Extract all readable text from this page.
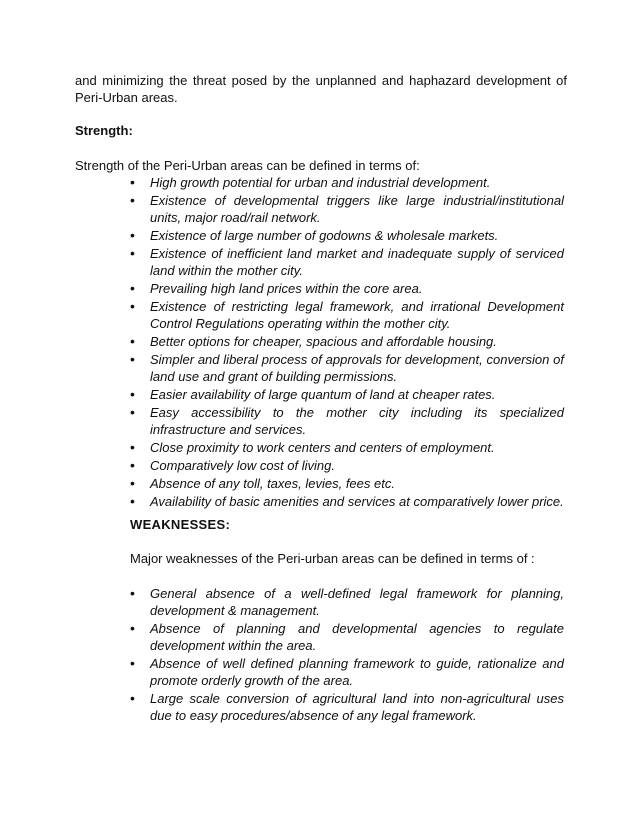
and minimizing the threat posed by the unplanned and haphazard development of Peri-Urban areas.

Strength:

Strength of the Peri-Urban areas can be defined in terms of:

• High growth potential for urban and industrial development.
• Existence of developmental triggers like large industrial/institutional units, major road/rail network.
• Existence of large number of godowns & wholesale markets.
• Existence of inefficient land market and inadequate supply of serviced land within the mother city.
• Prevailing high land prices within the core area.
• Existence of restricting legal framework, and irrational Development Control Regulations operating within the mother city.
• Better options for cheaper, spacious and affordable housing.
• Simpler and liberal process of approvals for development, conversion of land use and grant of building permissions.
• Easier availability of large quantum of land at cheaper rates.
• Easy accessibility to the mother city including its specialized infrastructure and services.
• Close proximity to work centers and centers of employment.
• Comparatively low cost of living.
• Absence of any toll, taxes, levies, fees etc.
• Availability of basic amenities and services at comparatively lower price.
WEAKNESSES:

Major weaknesses of the Peri-urban areas can be defined in terms of :

• General absence of a well-defined legal framework for planning, development & management.
• Absence of planning and developmental agencies to regulate development within the area.
• Absence of well defined planning framework to guide, rationalize and promote orderly growth of the area.
• Large scale conversion of agricultural land into non-agricultural uses due to easy procedures/absence of any legal framework.
